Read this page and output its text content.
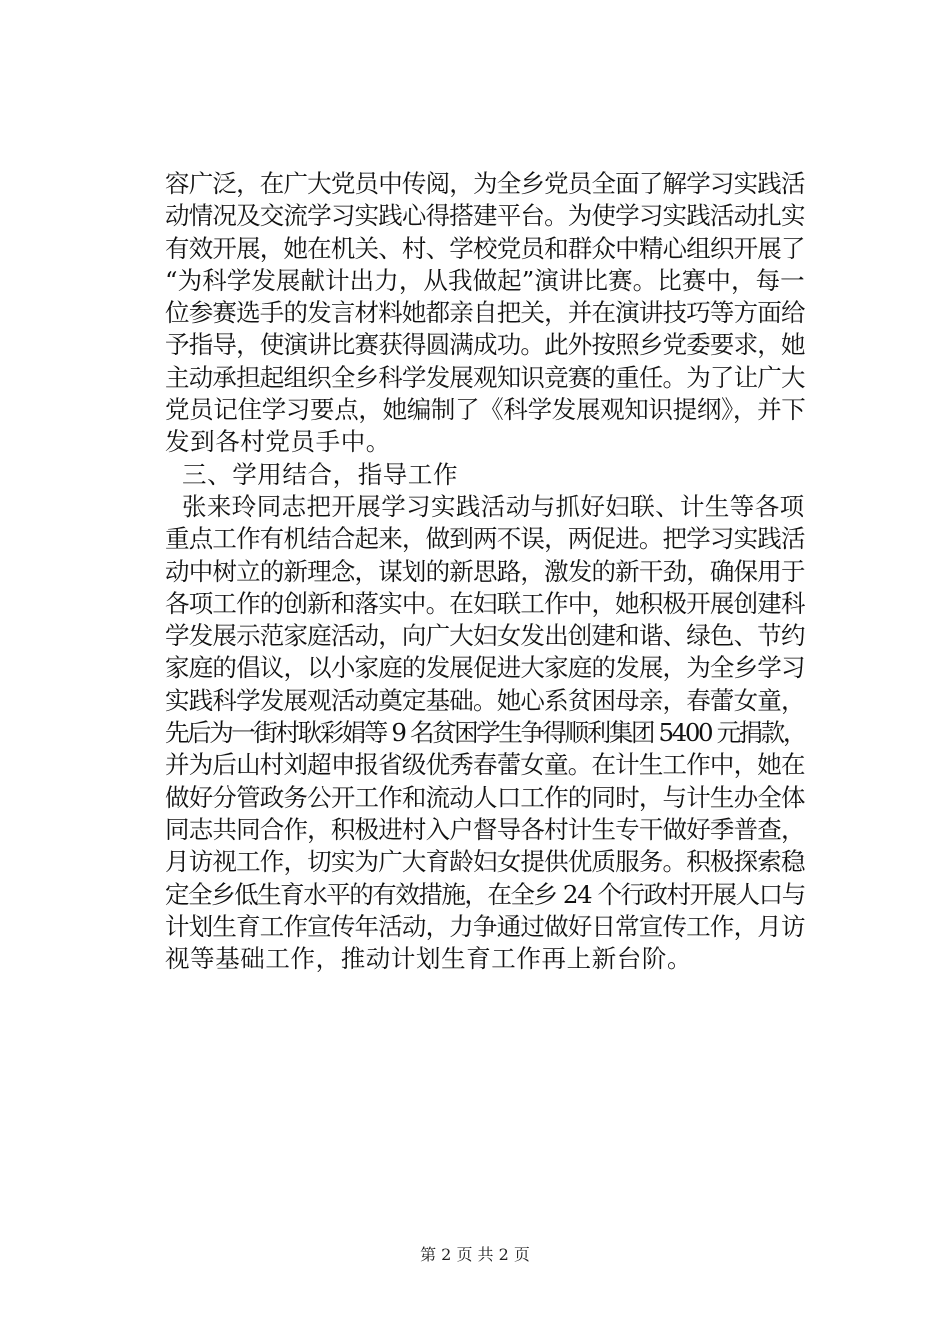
容广泛，在广大党员中传阅，为全乡党员全面了解学习实践活
动情况及交流学习实践心得搭建平台。为使学习实践活动扎实
有效开展，她在机关、村、学校党员和群众中精心组织开展了
“为科学发展献计出力，从我做起”演讲比赛。比赛中，每一
位参赛选手的发言材料她都亲自把关，并在演讲技巧等方面给
予指导，使演讲比赛获得圆满成功。此外按照乡党委要求，她
主动承担起组织全乡科学发展观知识竞赛的重任。为了让广大
党员记住学习要点，她编制了《科学发展观知识提纲》，并下
发到各村党员手中。
三、学用结合，指导工作
张来玲同志把开展学习实践活动与抓好妇联、计生等各项
重点工作有机结合起来，做到两不误，两促进。把学习实践活
动中树立的新理念，谋划的新思路，激发的新干劲，确保用于
各项工作的创新和落实中。在妇联工作中，她积极开展创建科
学发展示范家庭活动，向广大妇女发出创建和谐、绿色、节约
家庭的倡议，以小家庭的发展促进大家庭的发展，为全乡学习
实践科学发展观活动奠定基础。她心系贫困母亲，春蕾女童，
先后为一街村耿彩娟等 9 名贫困学生争得顺利集团 5400 元捐款，
并为后山村刘超申报省级优秀春蕾女童。在计生工作中，她在
做好分管政务公开工作和流动人口工作的同时，与计生办全体
同志共同合作，积极进村入户督导各村计生专干做好季普查，
月访视工作，切实为广大育龄妇女提供优质服务。积极探索稳
定全乡低生育水平的有效措施，在全乡 24 个行政村开展人口与
计划生育工作宣传年活动，力争通过做好日常宣传工作，月访
视等基础工作，推动计划生育工作再上新台阶。
第 2 页 共 2 页
